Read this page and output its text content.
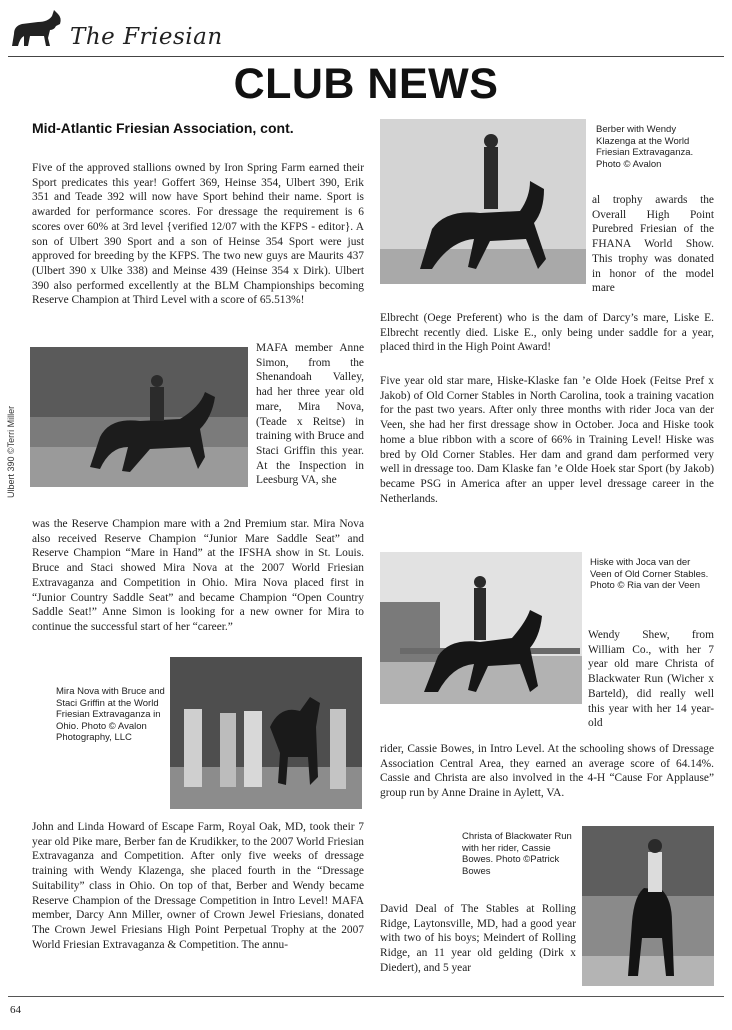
The Friesian
CLUB NEWS
Mid-Atlantic Friesian Association, cont.
Five of the approved stallions owned by Iron Spring Farm earned their Sport predicates this year! Goffert 369, Heinse 354, Ulbert 390, Erik 351 and Teade 392 will now have Sport behind their name. Sport is awarded for performance scores. For dressage the requirement is 6 scores over 60% at 3rd level {verified 12/07 with the KFPS - editor}. A son of Ulbert 390 Sport and a son of Heinse 354 Sport were just approved for breeding by the KFPS. The two new guys are Maurits 437 (Ulbert 390 x Ulke 338) and Meinse 439 (Heinse 354 x Dirk). Ulbert 390 also performed excellently at the BLM Championships becoming Reserve Champion at Third Level with a score of 65.513%!
Ulbert 390 ©Terri Miller
MAFA member Anne Simon, from the Shenandoah Valley, had her three year old mare, Mira Nova, (Teade x Reitse) in training with Bruce and Staci Griffin this year. At the Inspection in Leesburg VA, she
was the Reserve Champion mare with a 2nd Premium star. Mira Nova also received Reserve Champion “Junior Mare Saddle Seat” and Reserve Champion “Mare in Hand” at the IFSHA show in St. Louis. Bruce and Staci showed Mira Nova at the 2007 World Friesian Extravaganza and Competition in Ohio. Mira Nova placed first in “Junior Country Saddle Seat” and became Champion “Open Country Saddle Seat!” Anne Simon is looking for a new owner for Mira to continue the successful start of her “career.”
Mira Nova with Bruce and Staci Griffin at the World Friesian Extravaganza in Ohio. Photo © Avalon Photography, LLC
John and Linda Howard of Escape Farm, Royal Oak, MD, took their 7 year old Pike mare, Berber fan de Krudikker, to the 2007 World Friesian Extravaganza and Competition. After only five weeks of dressage training with Wendy Klazenga, she placed fourth in the “Dressage Suitability” class in Ohio. On top of that, Berber and Wendy became Reserve Champion of the Dressage Competition in Intro Level! MAFA member, Darcy Ann Miller, owner of Crown Jewel Friesians, donated The Crown Jewel Friesians High Point Perpetual Trophy at the 2007 World Friesian Extravaganza & Competition. The annu-
Berber with Wendy Klazenga at the World Friesian Extravaganza. Photo © Avalon
al trophy awards the Overall High Point Purebred Friesian of the FHANA World Show. This trophy was donated in honor of the model mare
Elbrecht (Oege Preferent) who is the dam of Darcy’s mare, Liske E. Elbrecht recently died. Liske E., only being under saddle for a year, placed third in the High Point Award!
Five year old star mare, Hiske-Klaske fan ’e Olde Hoek (Feitse Pref x Jakob) of Old Corner Stables in North Carolina, took a training vacation for the past two years. After only three months with rider Joca van der Veen, she had her first dressage show in October. Joca and Hiske took home a blue ribbon with a score of 66% in Training Level! Hiske was bred by Old Corner Stables. Her dam and grand dam performed very well in dressage too. Dam Klaske fan ’e Olde Hoek star Sport (by Jakob) became PSG in America after an upper level dressage career in the Netherlands.
Hiske with Joca van der Veen of Old Corner Stables. Photo © Ria van der Veen
Wendy Shew, from William Co., with her 7 year old mare Christa of Blackwater Run (Wicher x Barteld), did really well this year with her 14 year-old
rider, Cassie Bowes, in Intro Level. At the schooling shows of Dressage Association Central Area, they earned an average score of 64.14%. Cassie and Christa are also involved in the 4-H “Cause For Applause” group run by Anne Draine in Aylett, VA.
Christa of Blackwater Run with her rider, Cassie Bowes. Photo ©Patrick Bowes
David Deal of The Stables at Rolling Ridge, Laytonsville, MD, had a good year with two of his boys; Meindert of Rolling Ridge, an 11 year old gelding (Dirk x Diedert), and 5 year
64
